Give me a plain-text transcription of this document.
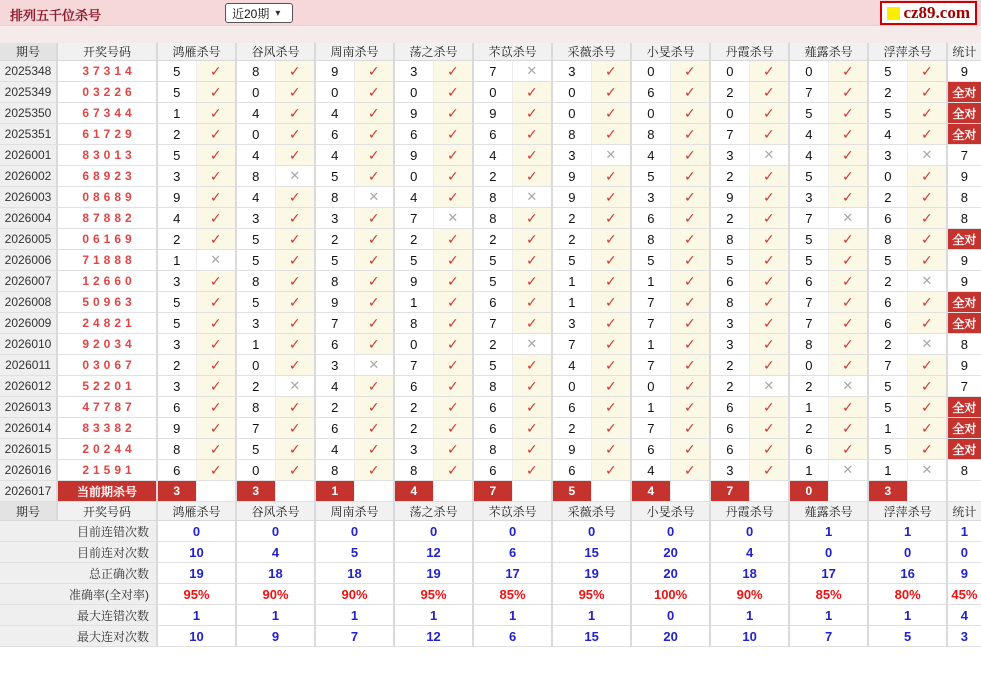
排列五千位杀号	近20期 ▾	cz89.com
期号	开奖号码	鸿雁杀号		谷风杀号		周南杀号		荡之杀号		芣苡杀号		采薇杀号		小旻杀号		丹霞杀号		薤露杀号		浮萍杀号		统计
2025348	37314	5	✓	8	✓	9	✓	3	✓	7	✕	3	✓	0	✓	0	✓	0	✓	5	✓	9
2025349	03226	5	✓	0	✓	0	✓	0	✓	0	✓	0	✓	6	✓	2	✓	7	✓	2	✓	全对
2025350	67344	1	✓	4	✓	4	✓	9	✓	9	✓	0	✓	0	✓	0	✓	5	✓	5	✓	全对
2025351	61729	2	✓	0	✓	6	✓	6	✓	6	✓	8	✓	8	✓	7	✓	4	✓	4	✓	全对
2026001	83013	5	✓	4	✓	4	✓	9	✓	4	✓	3	✕	4	✓	3	✕	4	✓	3	✕	7
2026002	68923	3	✓	8	✕	5	✓	0	✓	2	✓	9	✓	5	✓	2	✓	5	✓	0	✓	9
2026003	08689	9	✓	4	✓	8	✕	4	✓	8	✕	9	✓	3	✓	9	✓	3	✓	2	✓	8
2026004	87882	4	✓	3	✓	3	✓	7	✕	8	✓	2	✓	6	✓	2	✓	7	✕	6	✓	8
2026005	06169	2	✓	5	✓	2	✓	2	✓	2	✓	2	✓	8	✓	8	✓	5	✓	8	✓	全对
2026006	71888	1	✕	5	✓	5	✓	5	✓	5	✓	5	✓	5	✓	5	✓	5	✓	5	✓	9
2026007	12660	3	✓	8	✓	8	✓	9	✓	5	✓	1	✓	1	✓	6	✓	6	✓	2	✕	9
2026008	50963	5	✓	5	✓	9	✓	1	✓	6	✓	1	✓	7	✓	8	✓	7	✓	6	✓	全对
2026009	24821	5	✓	3	✓	7	✓	8	✓	7	✓	3	✓	7	✓	3	✓	7	✓	6	✓	全对
2026010	92034	3	✓	1	✓	6	✓	0	✓	2	✕	7	✓	1	✓	3	✓	8	✓	2	✕	8
2026011	03067	2	✓	0	✓	3	✕	7	✓	5	✓	4	✓	7	✓	2	✓	0	✓	7	✓	9
2026012	52201	3	✓	2	✕	4	✓	6	✓	8	✓	0	✓	0	✓	2	✕	2	✕	5	✓	7
2026013	47787	6	✓	8	✓	2	✓	2	✓	6	✓	6	✓	1	✓	6	✓	1	✓	5	✓	全对
2026014	83382	9	✓	7	✓	6	✓	2	✓	6	✓	2	✓	7	✓	6	✓	2	✓	1	✓	全对
2026015	20244	8	✓	5	✓	4	✓	3	✓	8	✓	9	✓	6	✓	6	✓	6	✓	5	✓	全对
2026016	21591	6	✓	0	✓	8	✓	8	✓	6	✓	6	✓	4	✓	3	✓	1	✕	1	✕	8
2026017	当前期杀号	3		3		1		4		7		5		4		7		0		3		
期号	开奖号码	鸿雁杀号		谷风杀号		周南杀号		荡之杀号		芣苡杀号		采薇杀号		小旻杀号		丹霞杀号		薤露杀号		浮萍杀号		统计
目前连错次数		0		0		0		0		0		0		0		0		1		1		1
目前连对次数		10		4		5		12		6		15		20		4		0		0		0
总正确次数		19		18		18		19		17		19		20		18		17		16		9
准确率(全对率)		95%		90%		90%		95%		85%		95%		100%		90%		85%		80%		45%
最大连错次数		1		1		1		1		1		1		0		1		1		1		4
最大连对次数		10		9		7		12		6		15		20		10		7		5		3
